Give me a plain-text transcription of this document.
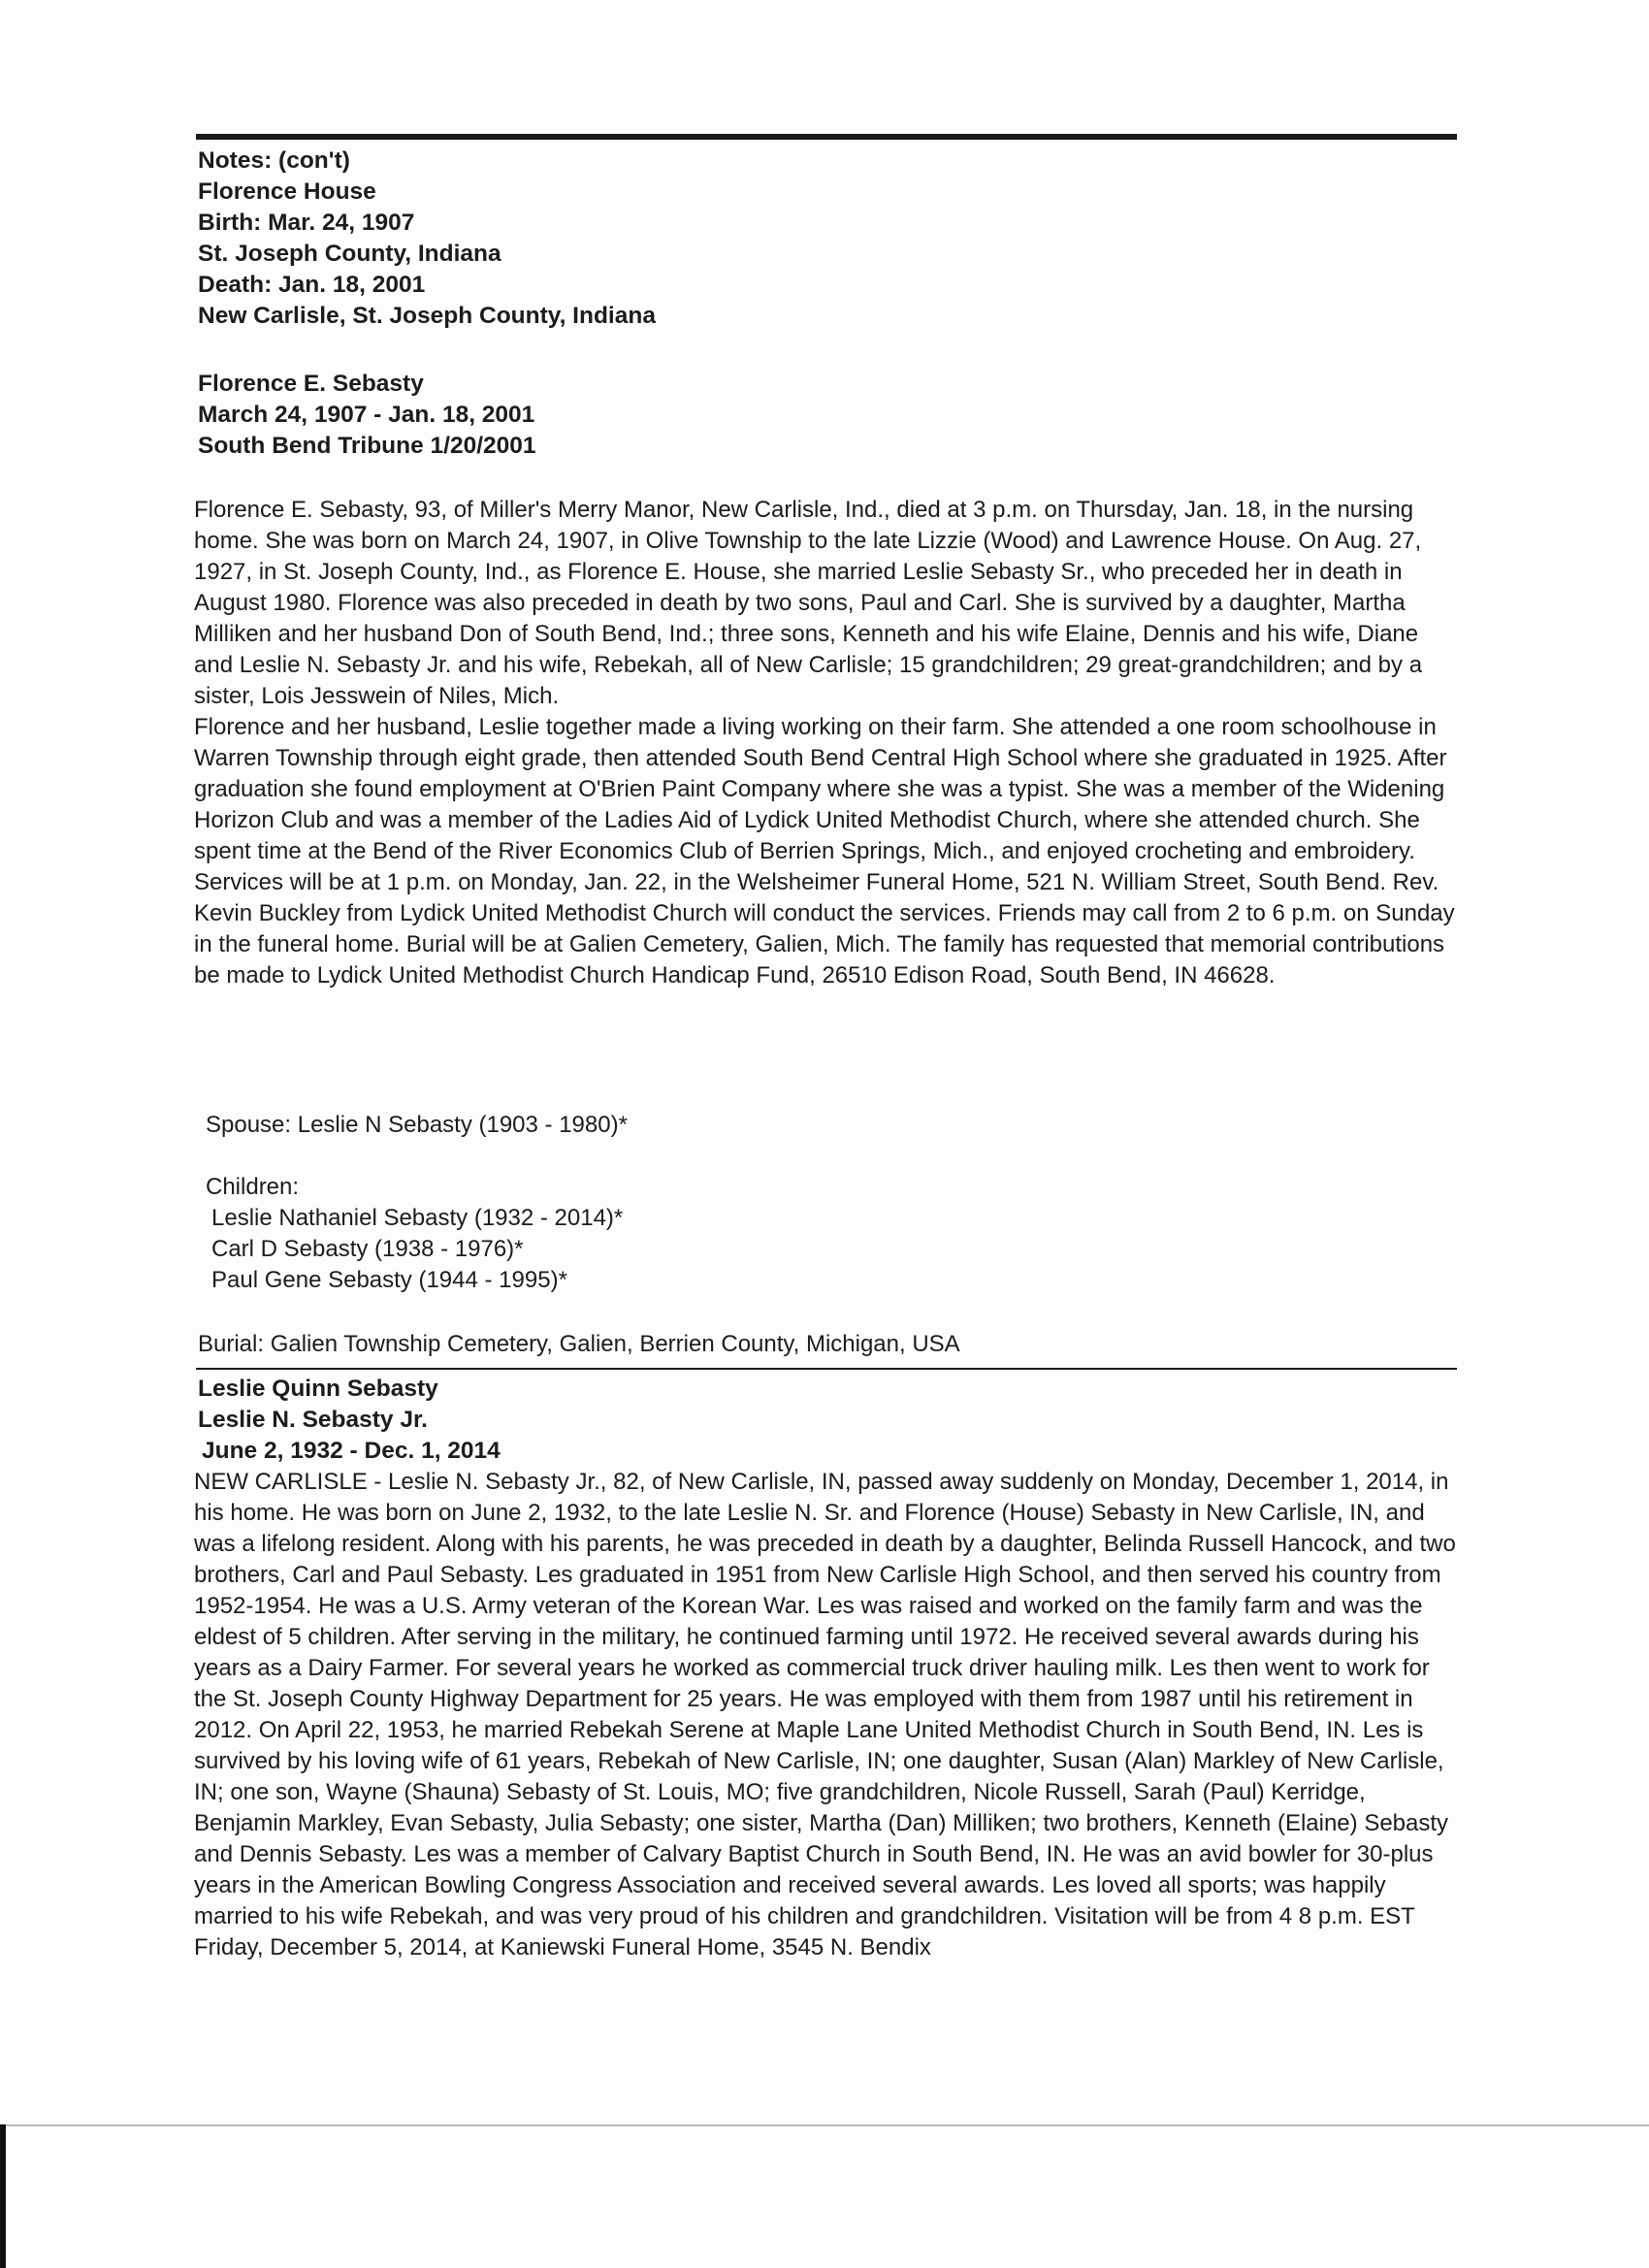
Notes: (con't)
Florence House
Birth: Mar. 24, 1907
St. Joseph County, Indiana
Death: Jan. 18, 2001
New Carlisle, St. Joseph County, Indiana
Florence E. Sebasty
March 24, 1907 - Jan. 18, 2001
South Bend Tribune 1/20/2001

Florence E. Sebasty, 93, of Miller's Merry Manor, New Carlisle, Ind., died at 3 p.m. on Thursday, Jan. 18, in the nursing home. She was born on March 24, 1907, in Olive Township to the late Lizzie (Wood) and Lawrence House. On Aug. 27, 1927, in St. Joseph County, Ind., as Florence E. House, she married Leslie Sebasty Sr., who preceded her in death in August 1980. Florence was also preceded in death by two sons, Paul and Carl. She is survived by a daughter, Martha Milliken and her husband Don of South Bend, Ind.; three sons, Kenneth and his wife Elaine, Dennis and his wife, Diane and Leslie N. Sebasty Jr. and his wife, Rebekah, all of New Carlisle; 15 grandchildren; 29 great-grandchildren; and by a sister, Lois Jesswein of Niles, Mich.

Florence and her husband, Leslie together made a living working on their farm. She attended a one room schoolhouse in Warren Township through eight grade, then attended South Bend Central High School where she graduated in 1925. After graduation she found employment at O'Brien Paint Company where she was a typist. She was a member of the Widening Horizon Club and was a member of the Ladies Aid of Lydick United Methodist Church, where she attended church. She spent time at the Bend of the River Economics Club of Berrien Springs, Mich., and enjoyed crocheting and embroidery. Services will be at 1 p.m. on Monday, Jan. 22, in the Welsheimer Funeral Home, 521 N. William Street, South Bend. Rev. Kevin Buckley from Lydick United Methodist Church will conduct the services. Friends may call from 2 to 6 p.m. on Sunday in the funeral home. Burial will be at Galien Cemetery, Galien, Mich. The family has requested that memorial contributions be made to Lydick United Methodist Church Handicap Fund, 26510 Edison Road, South Bend, IN 46628.

Spouse: Leslie N Sebasty (1903 - 1980)*
Children:
Leslie Nathaniel Sebasty (1932 - 2014)*
Carl D Sebasty (1938 - 1976)*
Paul Gene Sebasty (1944 - 1995)*
Burial: Galien Township Cemetery, Galien, Berrien County, Michigan, USA
Leslie Quinn Sebasty
Leslie N. Sebasty Jr.
June 2, 1932 - Dec. 1, 2014

NEW CARLISLE - Leslie N. Sebasty Jr., 82, of New Carlisle, IN, passed away suddenly on Monday, December 1, 2014, in his home. He was born on June 2, 1932, to the late Leslie N. Sr. and Florence (House) Sebasty in New Carlisle, IN, and was a lifelong resident. Along with his parents, he was preceded in death by a daughter, Belinda Russell Hancock, and two brothers, Carl and Paul Sebasty. Les graduated in 1951 from New Carlisle High School, and then served his country from 1952-1954. He was a U.S. Army veteran of the Korean War. Les was raised and worked on the family farm and was the eldest of 5 children. After serving in the military, he continued farming until 1972. He received several awards during his years as a Dairy Farmer. For several years he worked as commercial truck driver hauling milk. Les then went to work for the St. Joseph County Highway Department for 25 years. He was employed with them from 1987 until his retirement in 2012. On April 22, 1953, he married Rebekah Serene at Maple Lane United Methodist Church in South Bend, IN. Les is survived by his loving wife of 61 years, Rebekah of New Carlisle, IN; one daughter, Susan (Alan) Markley of New Carlisle, IN; one son, Wayne (Shauna) Sebasty of St. Louis, MO; five grandchildren, Nicole Russell, Sarah (Paul) Kerridge, Benjamin Markley, Evan Sebasty, Julia Sebasty; one sister, Martha (Dan) Milliken; two brothers, Kenneth (Elaine) Sebasty and Dennis Sebasty. Les was a member of Calvary Baptist Church in South Bend, IN. He was an avid bowler for 30-plus years in the American Bowling Congress Association and received several awards. Les loved all sports; was happily married to his wife Rebekah, and was very proud of his children and grandchildren. Visitation will be from 4 8 p.m. EST Friday, December 5, 2014, at Kaniewski Funeral Home, 3545 N. Bendix
